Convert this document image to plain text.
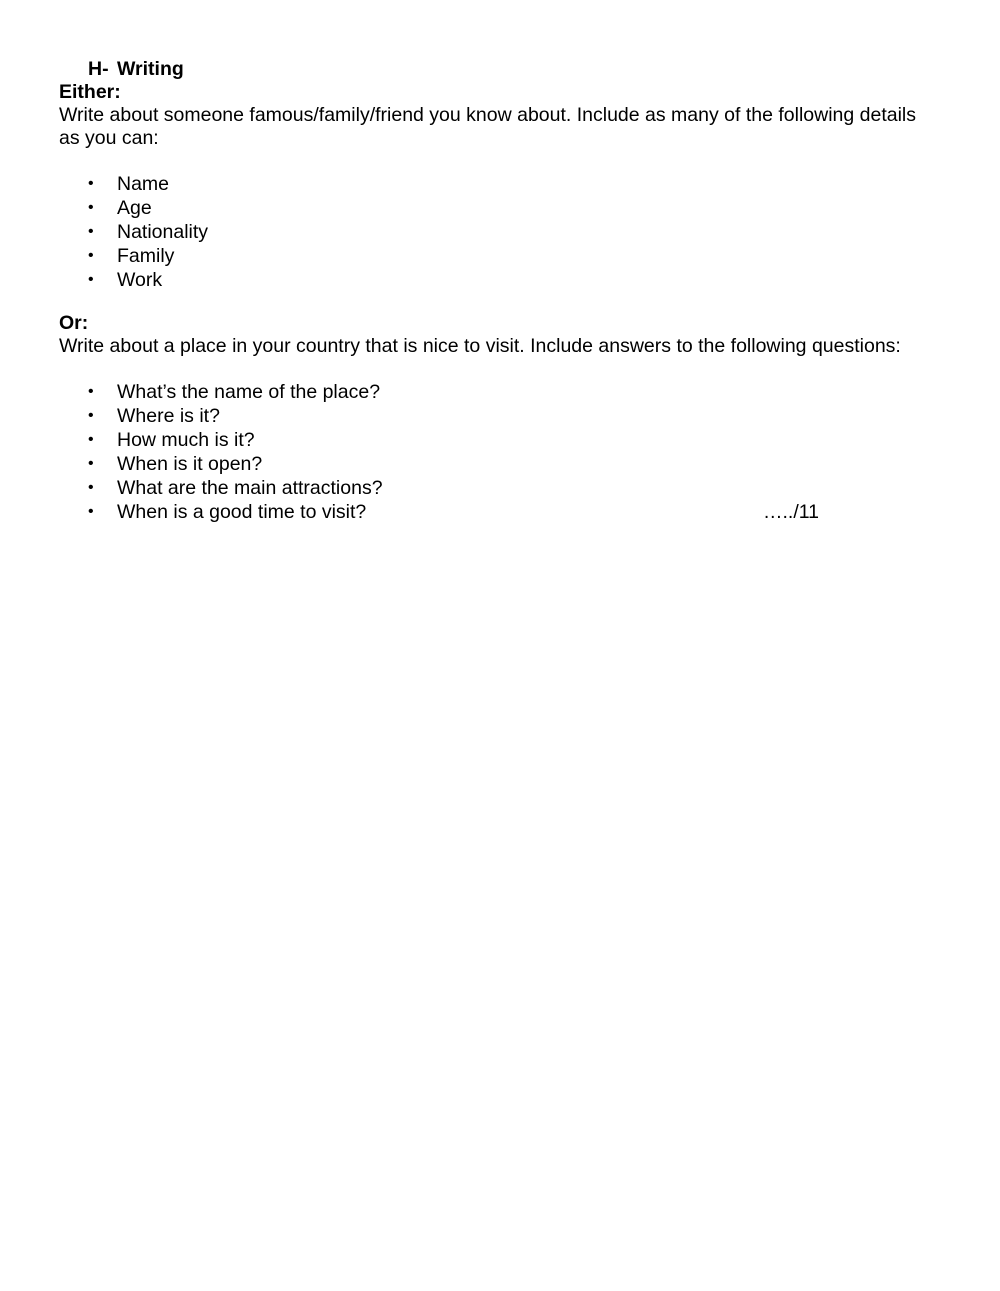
H- Writing
Either:

Write about someone famous/family/friend you know about. Include as many of the following details as you can:

• Name
• Age
• Nationality
• Family
• Work
Or:

Write about a place in your country that is nice to visit. Include answers to the following questions:

• What’s the name of the place?
• Where is it?
• How much is it?
• When is it open?
• What are the main attractions?
• When is a good time to visit?	…../11
